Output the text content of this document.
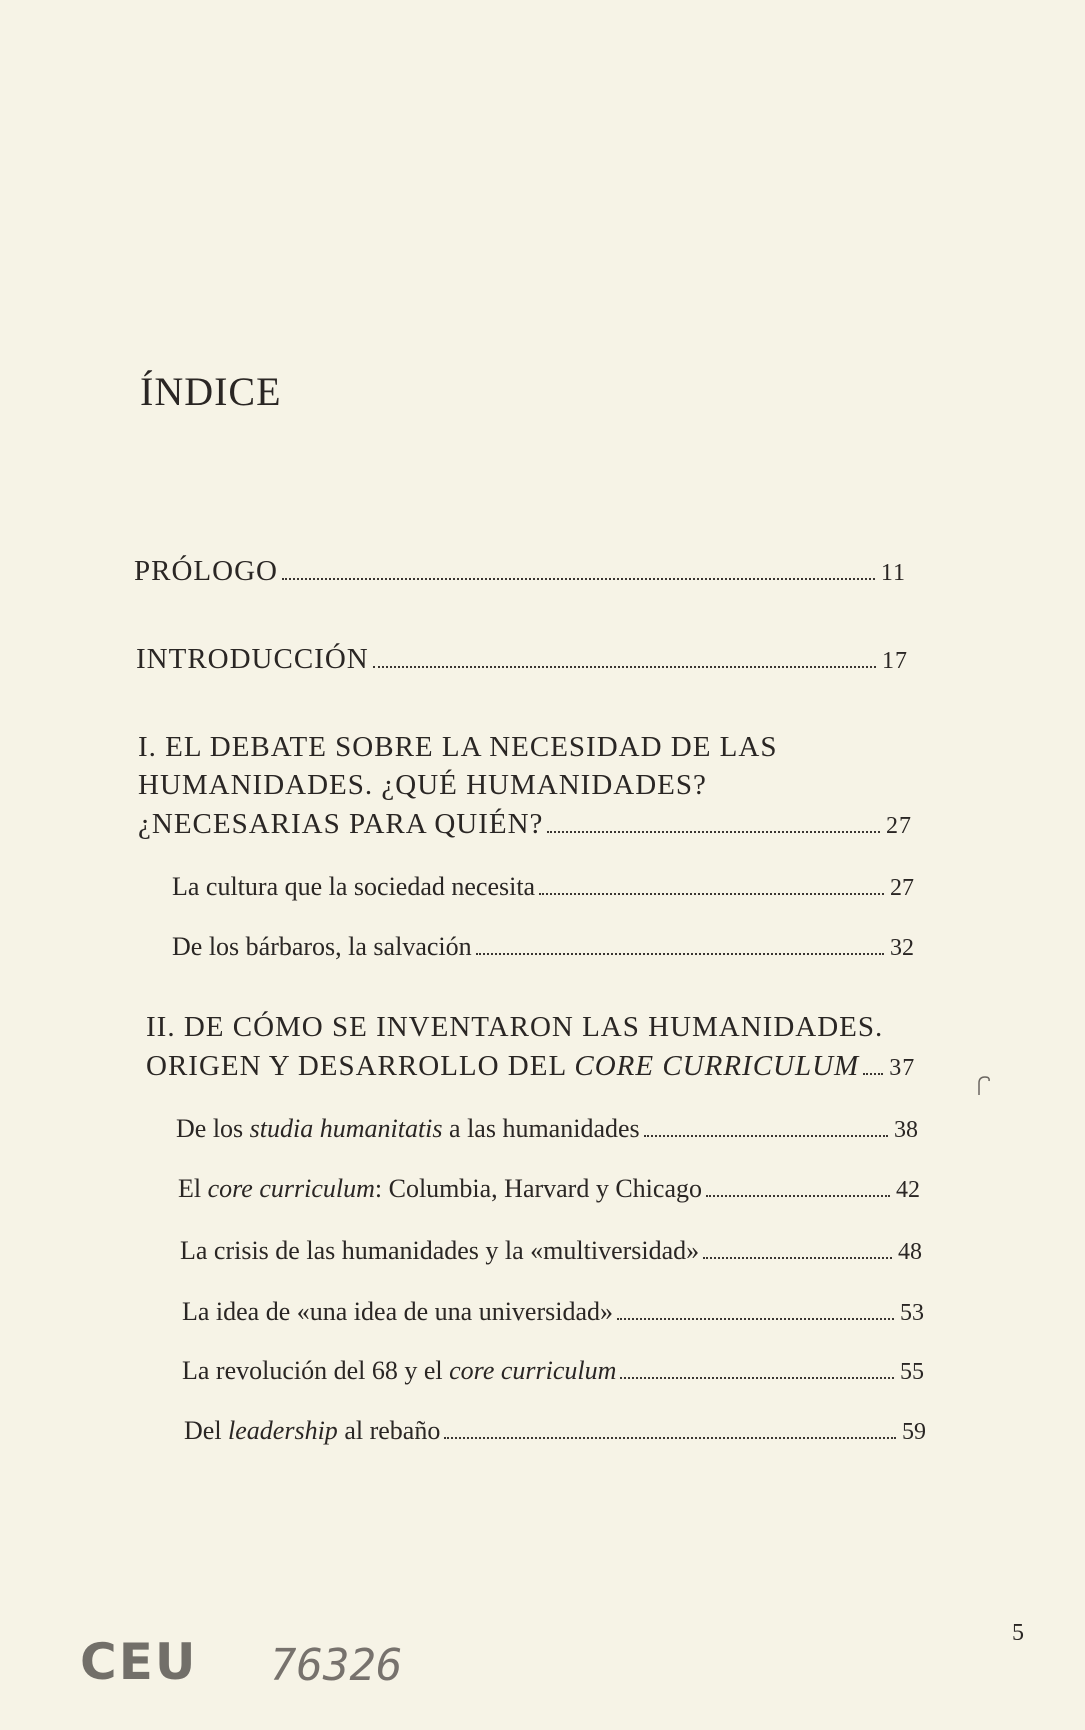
ÍNDICE
PRÓLOGO	11
INTRODUCCIÓN	17
I. EL DEBATE SOBRE LA NECESIDAD DE LAS
HUMANIDADES. ¿QUÉ HUMANIDADES?
¿NECESARIAS PARA QUIÉN?	27
La cultura que la sociedad necesita	27
De los bárbaros, la salvación	32
II. DE CÓMO SE INVENTARON LAS HUMANIDADES.
ORIGEN Y DESARROLLO DEL CORE CURRICULUM 37
De los studia humanitatis a las humanidades	38
El core curriculum: Columbia, Harvard y Chicago	42
La crisis de las humanidades y la «multiversidad»	48
La idea de «una idea de una universidad»	53
La revolución del 68 y el core curriculum	55
Del leadership al rebaño	59
5
CEU 76326
